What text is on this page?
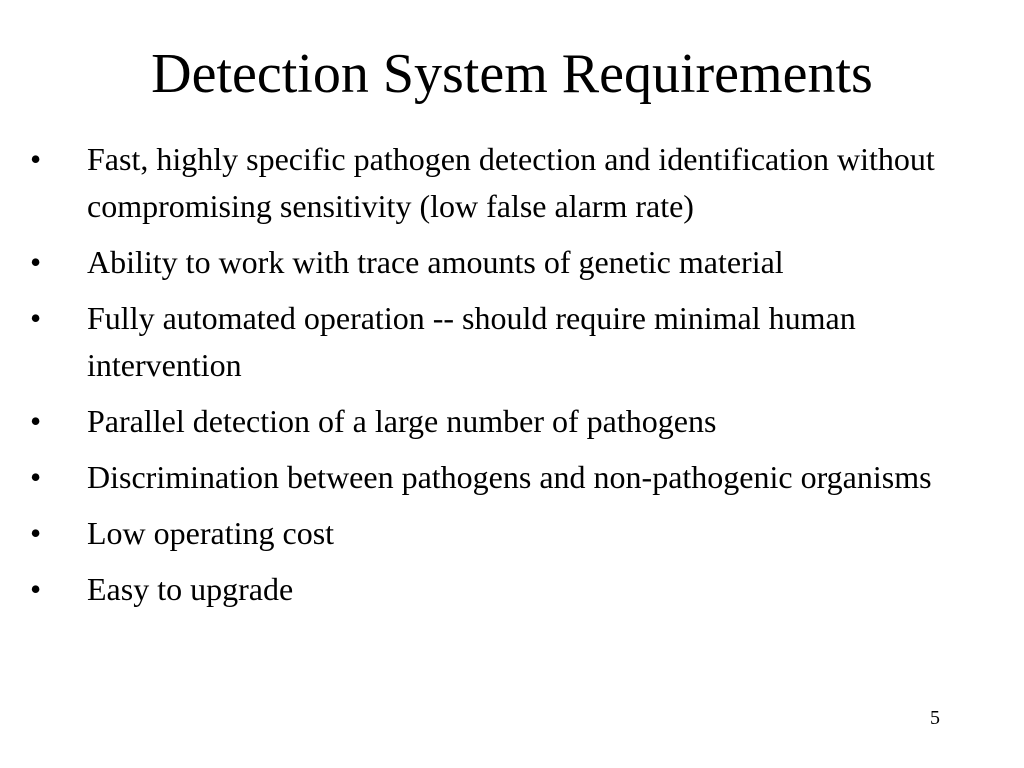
Detection System Requirements
• Fast, highly specific pathogen detection and identification without compromising sensitivity (low false alarm rate)
• Ability to work with trace amounts of genetic material
• Fully automated operation -- should require minimal human intervention
• Parallel detection of a large number of pathogens
• Discrimination between pathogens and non-pathogenic organisms
• Low operating cost
• Easy to upgrade
5
